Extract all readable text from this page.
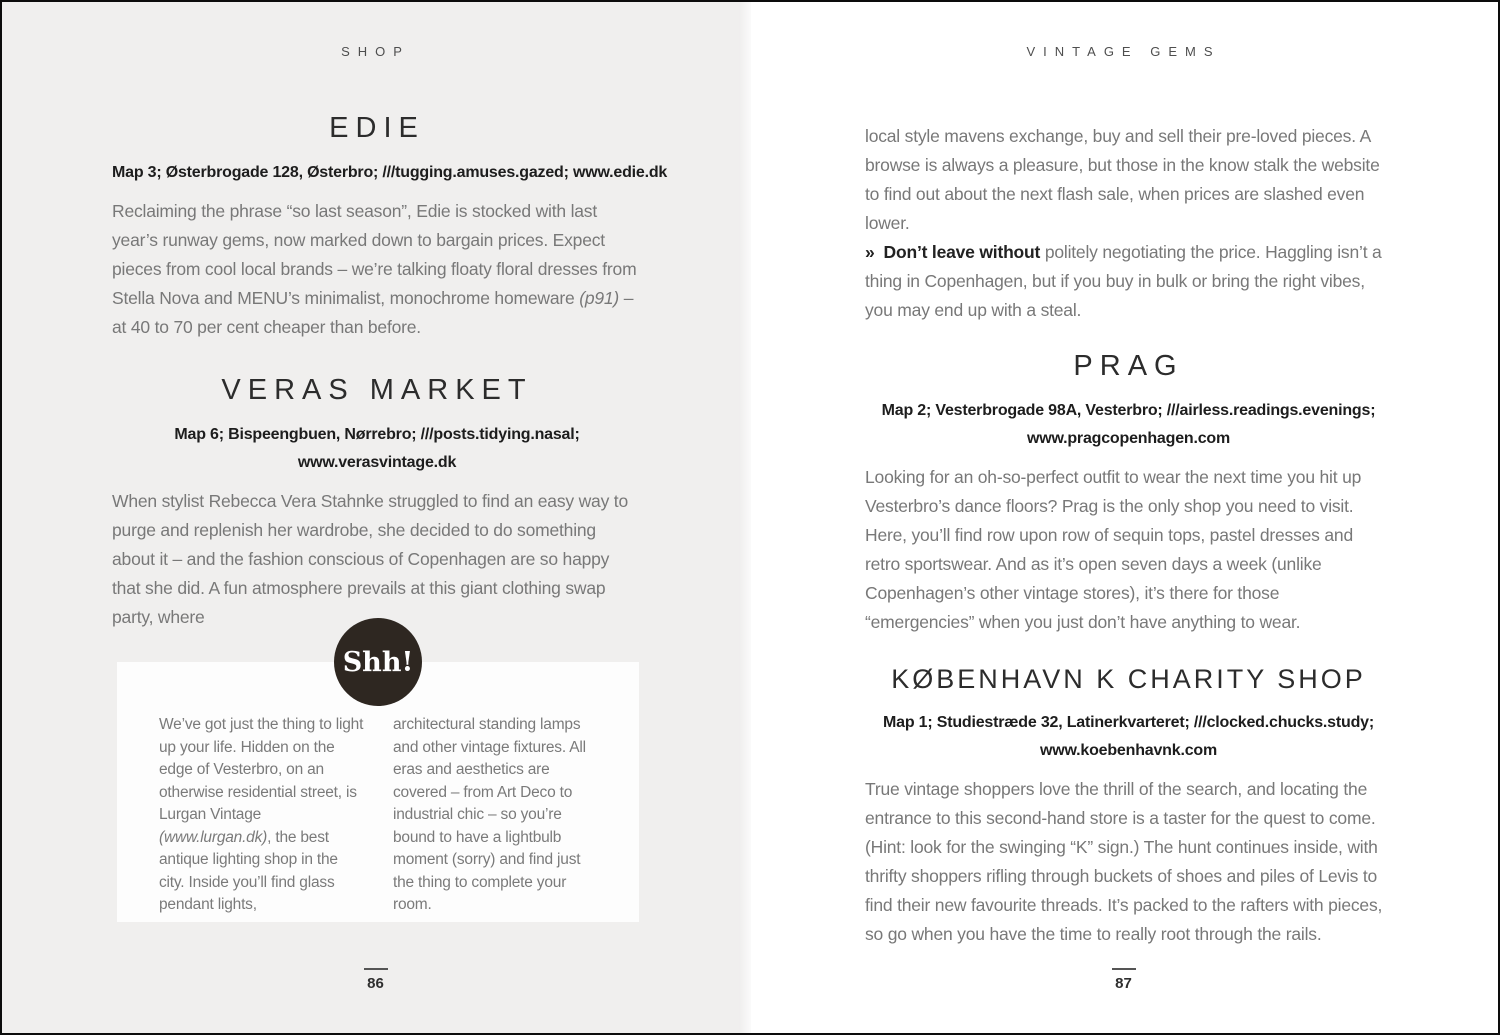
SHOP
EDIE

Map 3; Østerbrogade 128, Østerbro; ///tugging.amuses.gazed; www.edie.dk

Reclaiming the phrase “so last season”, Edie is stocked with last year’s runway gems, now marked down to bargain prices. Expect pieces from cool local brands – we’re talking floaty floral dresses from Stella Nova and MENU’s minimalist, monochrome homeware (p91) – at 40 to 70 per cent cheaper than before.

VERAS MARKET

Map 6; Bispeengbuen, Nørrebro; ///posts.tidying.nasal;

www.verasvintage.dk

When stylist Rebecca Vera Stahnke struggled to find an easy way to purge and replenish her wardrobe, she decided to do something about it – and the fashion conscious of Copenhagen are so happy that she did. A fun atmosphere prevails at this giant clothing swap party, where

Shh!
We’ve got just the thing to light up your life. Hidden on the edge of Vesterbro, on an otherwise residential street, is Lurgan Vintage (www.lurgan.dk), the best antique lighting shop in the city. Inside you’ll find glass pendant lights,
architectural standing lamps and other vintage fixtures. All eras and aesthetics are covered – from Art Deco to industrial chic – so you’re bound to have a lightbulb moment (sorry) and find just the thing to complete your room.
86
VINTAGE GEMS

local style mavens exchange, buy and sell their pre-loved pieces. A browse is always a pleasure, but those in the know stalk the website to find out about the next flash sale, when prices are slashed even lower.

» Don’t leave without politely negotiating the price. Haggling isn’t a thing in Copenhagen, but if you buy in bulk or bring the right vibes, you may end up with a steal.

PRAG

Map 2; Vesterbrogade 98A, Vesterbro; ///airless.readings.evenings;

www.pragcopenhagen.com

Looking for an oh-so-perfect outfit to wear the next time you hit up Vesterbro’s dance floors? Prag is the only shop you need to visit. Here, you’ll find row upon row of sequin tops, pastel dresses and retro sportswear. And as it’s open seven days a week (unlike Copenhagen’s other vintage stores), it’s there for those “emergencies” when you just don’t have anything to wear.

KØBENHAVN K CHARITY SHOP

Map 1; Studiestræde 32, Latinerkvarteret; ///clocked.chucks.study;

www.koebenhavnk.com

True vintage shoppers love the thrill of the search, and locating the entrance to this second-hand store is a taster for the quest to come. (Hint: look for the swinging “K” sign.) The hunt continues inside, with thrifty shoppers rifling through buckets of shoes and piles of Levis to find their new favourite threads. It’s packed to the rafters with pieces, so go when you have the time to really root through the rails.

87
